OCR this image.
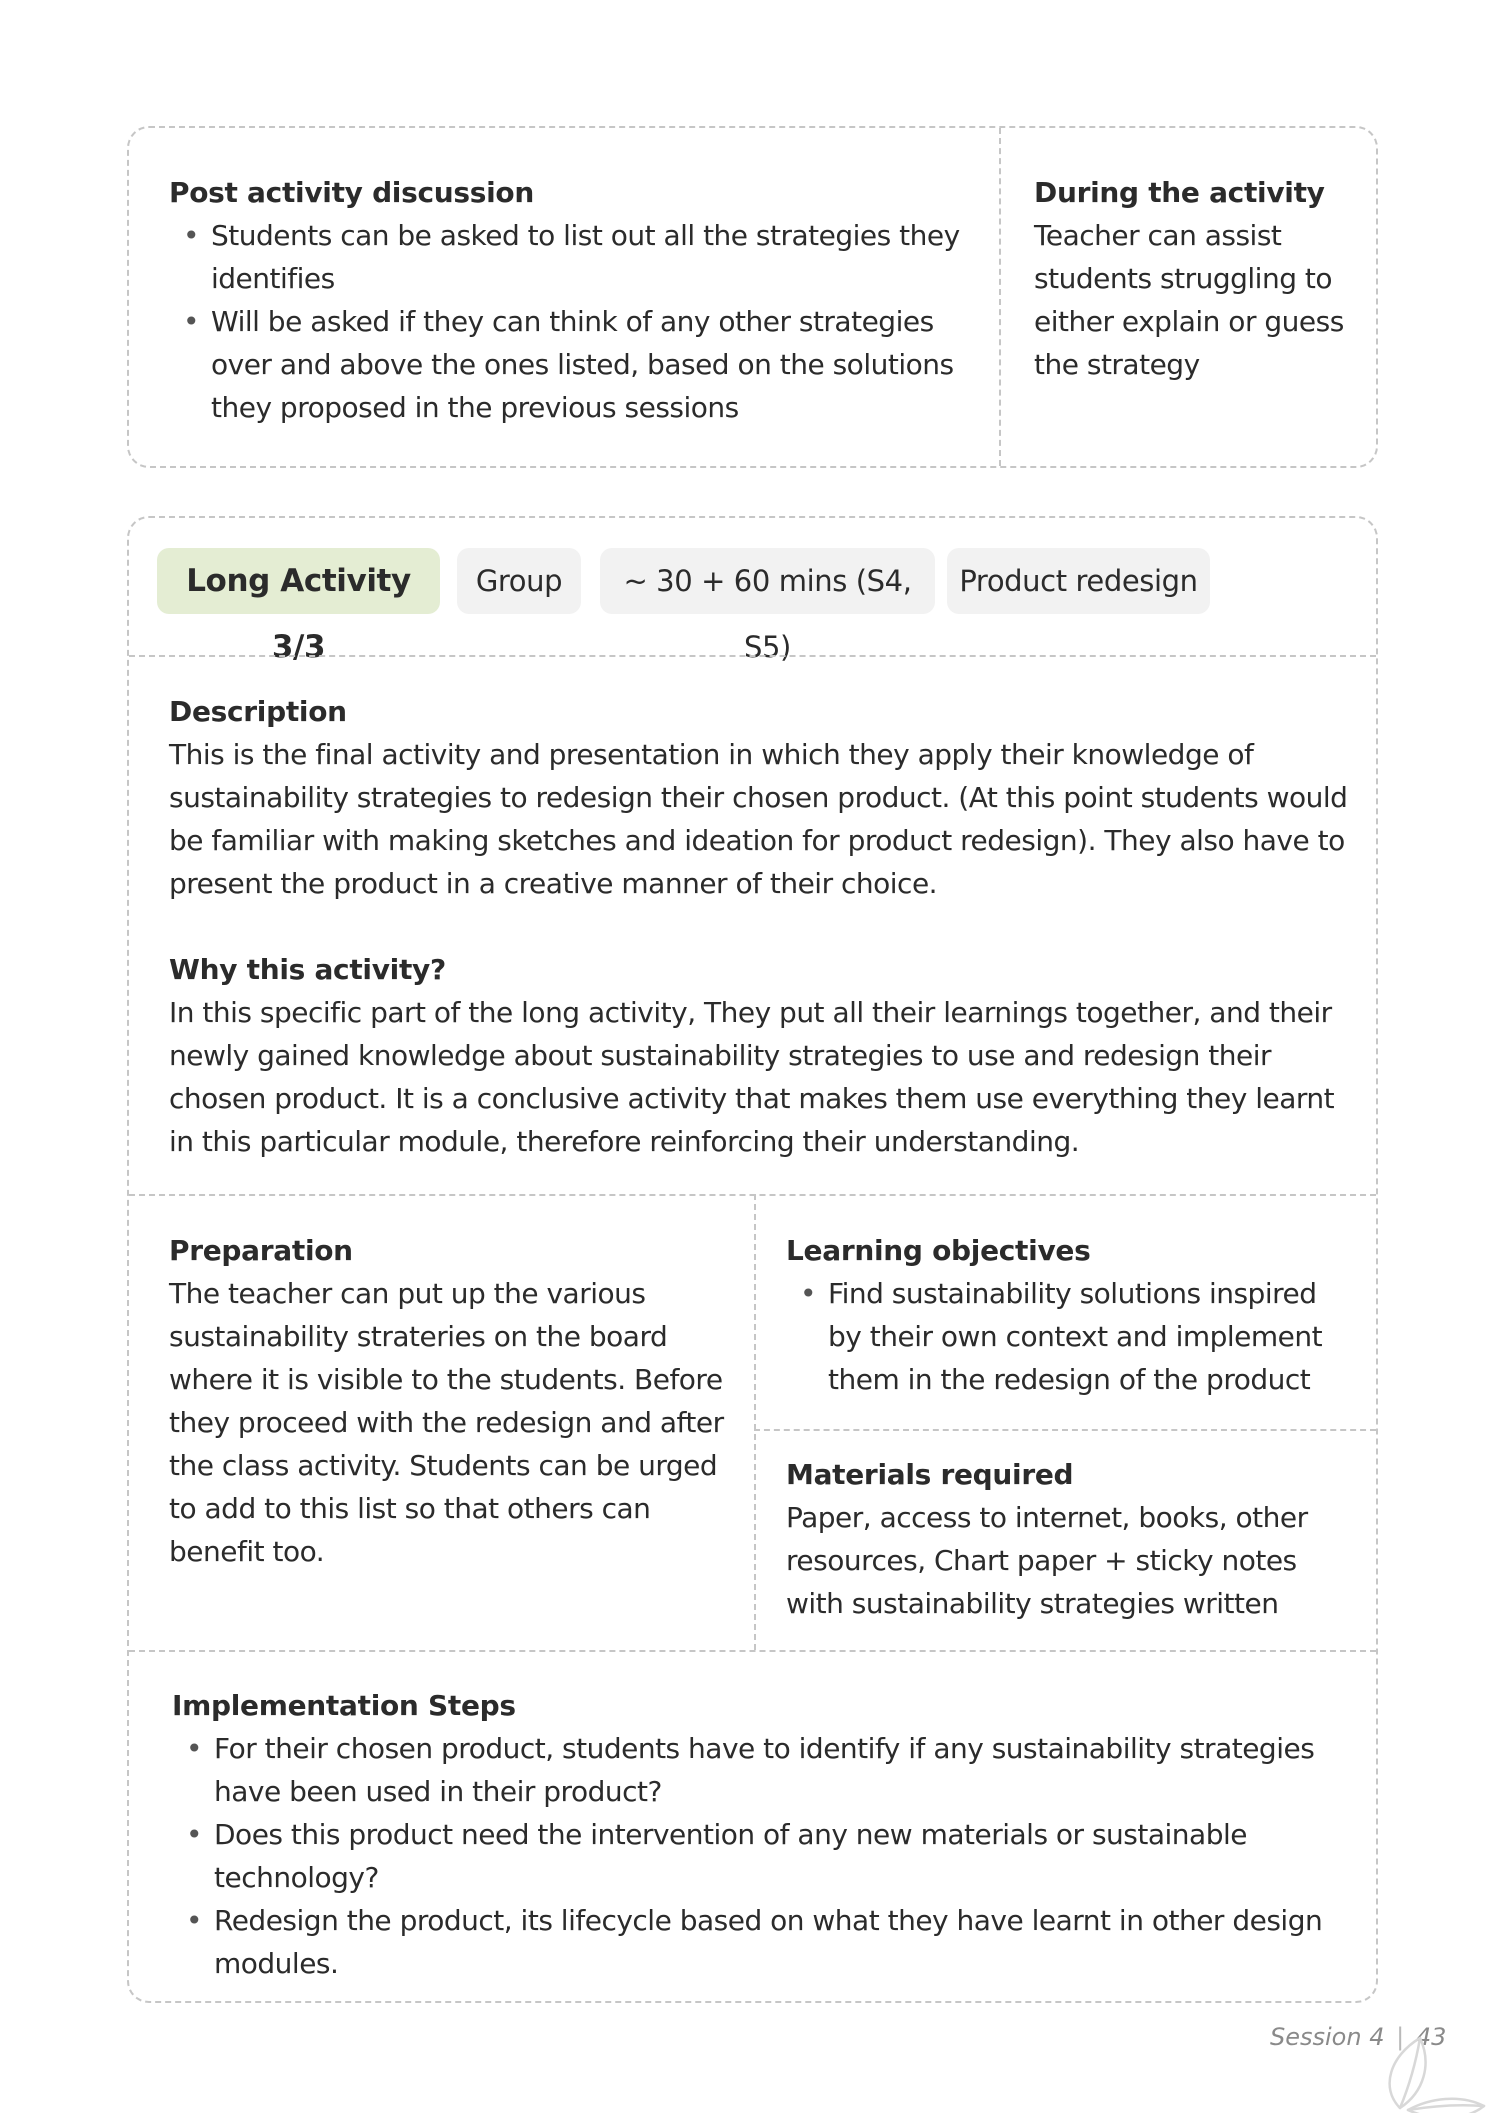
Post activity discussion
• Students can be asked to list out all the strategies they identifies
• Will be asked if they can think of any other strategies over and above the ones listed, based on the solutions they proposed in the previous sessions
During the activity
Teacher can assist students struggling to either explain or guess the strategy
Long Activity 3/3
Group	~ 30 + 60 mins (S4, S5)
Product redesign
Description
This is the final activity and presentation in which they apply their knowledge of sustainability strategies to redesign their chosen product. (At this point students would be familiar with making sketches and ideation for product redesign). They also have to present the product in a creative manner of their choice.
Why this activity?
In this specific part of the long activity, They put all their learnings together, and their newly gained knowledge about sustainability strategies to use and redesign their chosen product. It is a conclusive activity that makes them use everything they learnt in this particular module, therefore reinforcing their understanding.
Preparation
The teacher can put up the various sustainability strateries on the board where it is visible to the students. Before they proceed with the redesign and after the class activity. Students can be urged to add to this list so that others can benefit too.
Learning objectives
• Find sustainability solutions inspired by their own context and implement them in the redesign of the product
Materials required
Paper, access to internet, books, other resources, Chart paper + sticky notes with sustainability strategies written
Implementation Steps
• For their chosen product, students have to identify if any sustainability strategies have been used in their product?
• Does this product need the intervention of any new materials or sustainable technology?
• Redesign the product, its lifecycle based on what they have learnt in other design modules.
Session 4 | 43
